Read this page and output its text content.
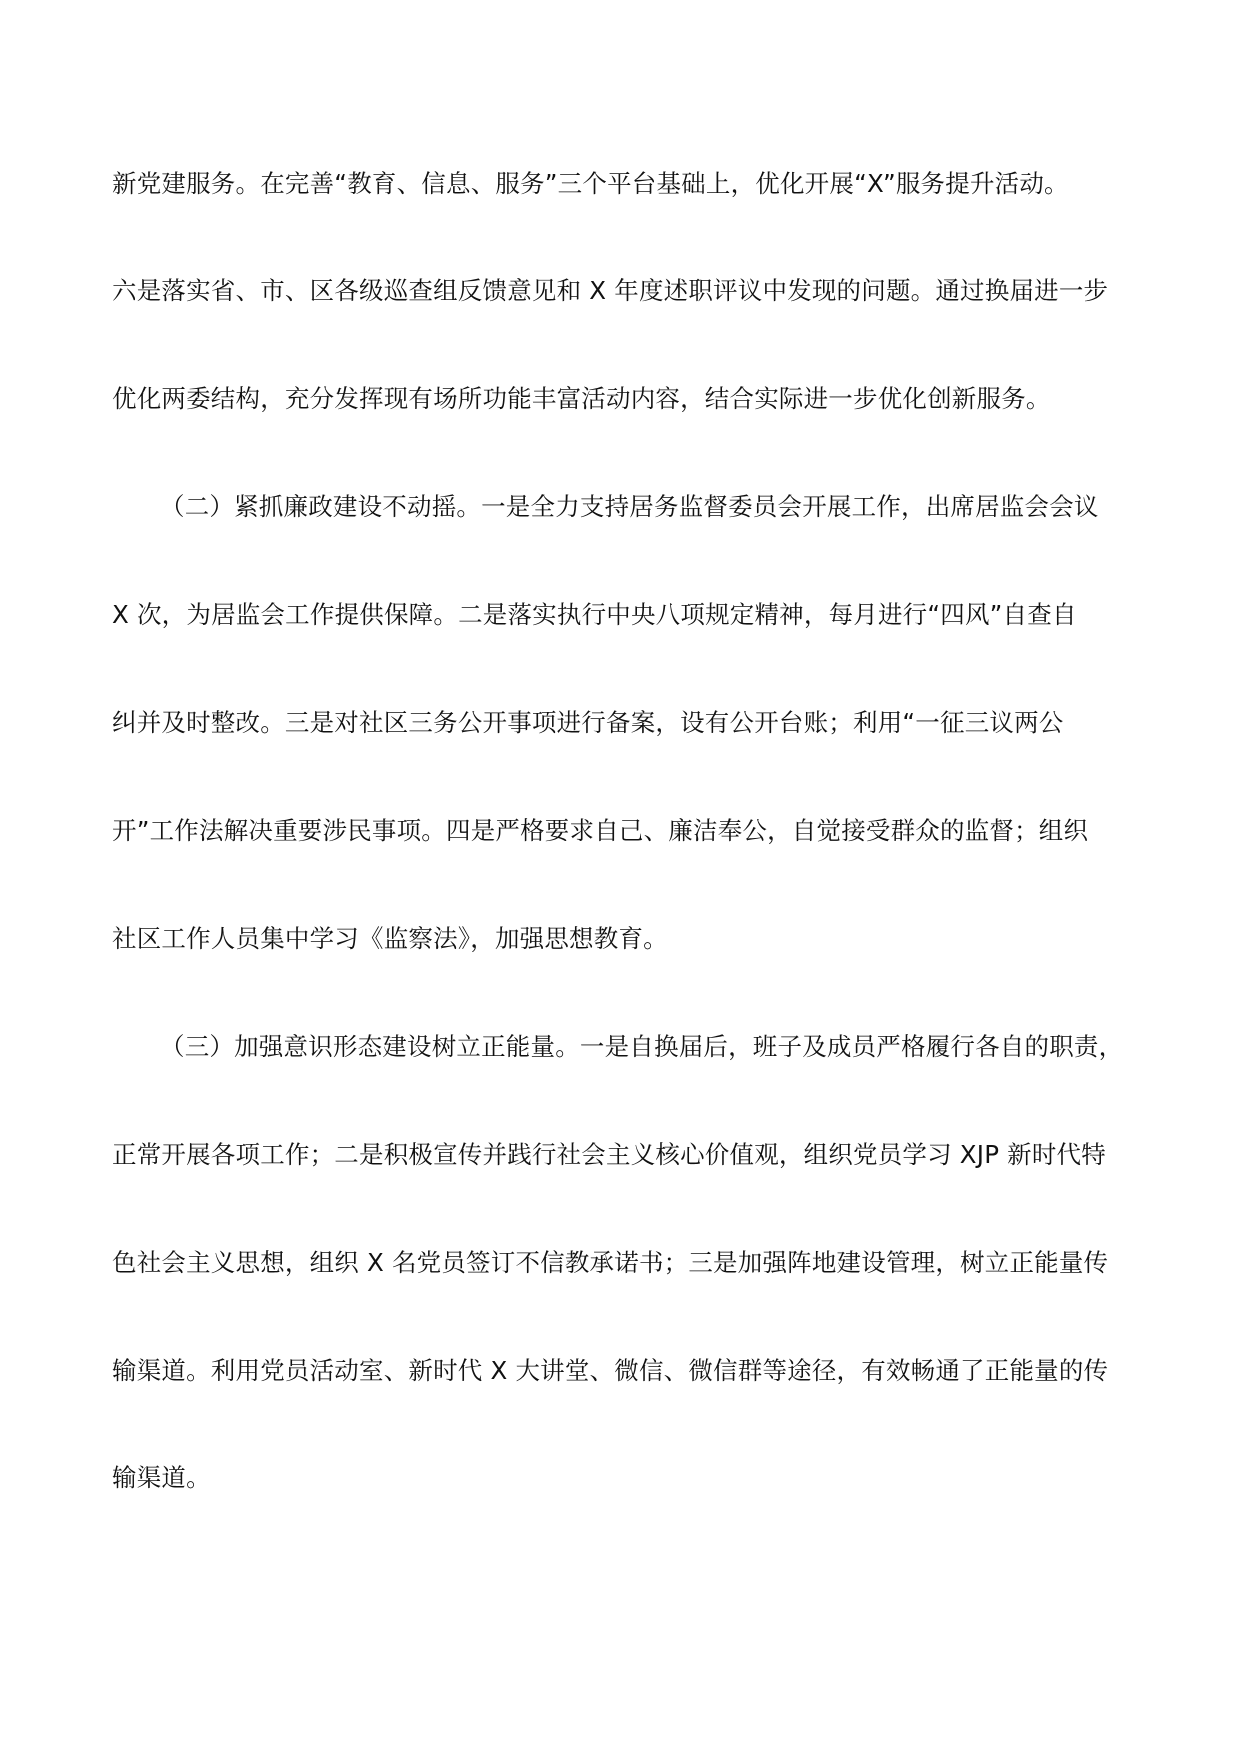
新党建服务。在完善“教育、信息、服务”三个平台基础上，优化开展“X”服务提升活动。
六是落实省、市、区各级巡查组反馈意见和 X 年度述职评议中发现的问题。通过换届进一步
优化两委结构，充分发挥现有场所功能丰富活动内容，结合实际进一步优化创新服务。
（二）紧抓廉政建设不动摇。一是全力支持居务监督委员会开展工作，出席居监会会议
X 次，为居监会工作提供保障。二是落实执行中央八项规定精神，每月进行“四风”自查自
纠并及时整改。三是对社区三务公开事项进行备案，设有公开台账；利用“一征三议两公
开”工作法解决重要涉民事项。四是严格要求自己、廉洁奉公，自觉接受群众的监督；组织
社区工作人员集中学习《监察法》，加强思想教育。
（三）加强意识形态建设树立正能量。一是自换届后，班子及成员严格履行各自的职责，
正常开展各项工作；二是积极宣传并践行社会主义核心价值观，组织党员学习 XJP 新时代特
色社会主义思想，组织 X 名党员签订不信教承诺书；三是加强阵地建设管理，树立正能量传
输渠道。利用党员活动室、新时代 X 大讲堂、微信、微信群等途径，有效畅通了正能量的传
输渠道。
